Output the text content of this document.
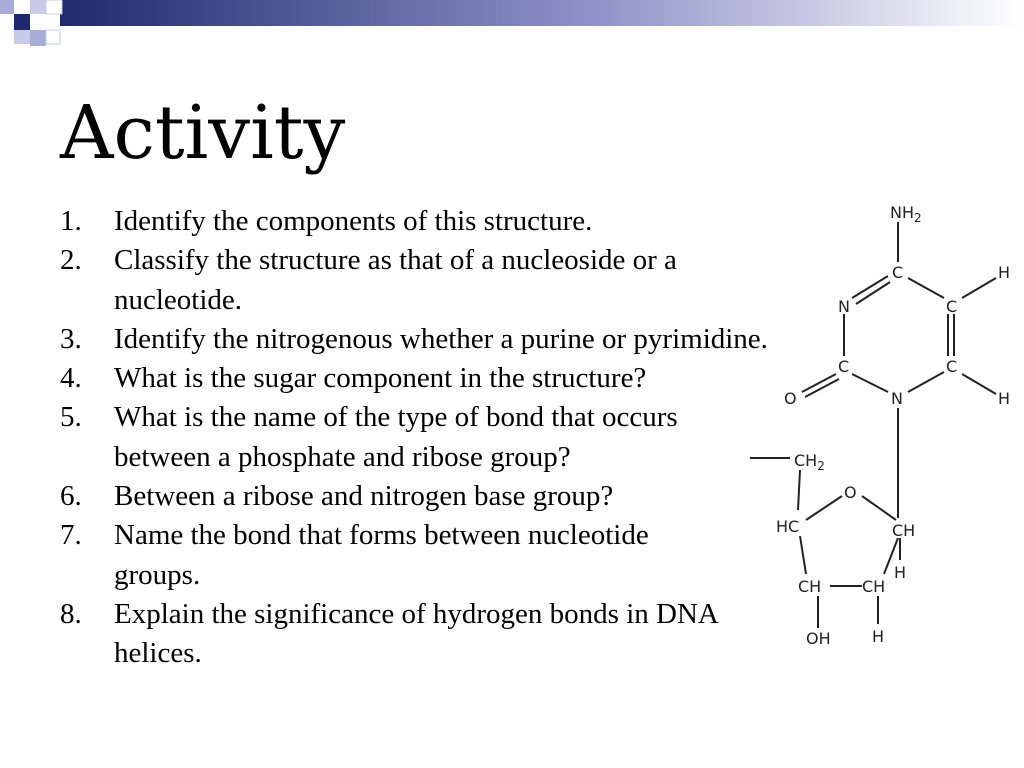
Activity
1. Identify the components of this structure.
2. Classify the structure as that of a nucleoside or a nucleotide.
3. Identify the nitrogenous whether a purine or pyrimidine.
4. What is the sugar component in the structure?
5. What is the name of the type of bond that occurs between a phosphate and ribose group?
6. Between a ribose and nitrogen base group?
7. Name the bond that forms between nucleotide groups.
8. Explain the significance of hydrogen bonds in DNA helices.
$NH_2$
C	H
N	C
O
C
N
C
H
$CH_2$
O
HC	CH
H
CH	CH
OH	H
